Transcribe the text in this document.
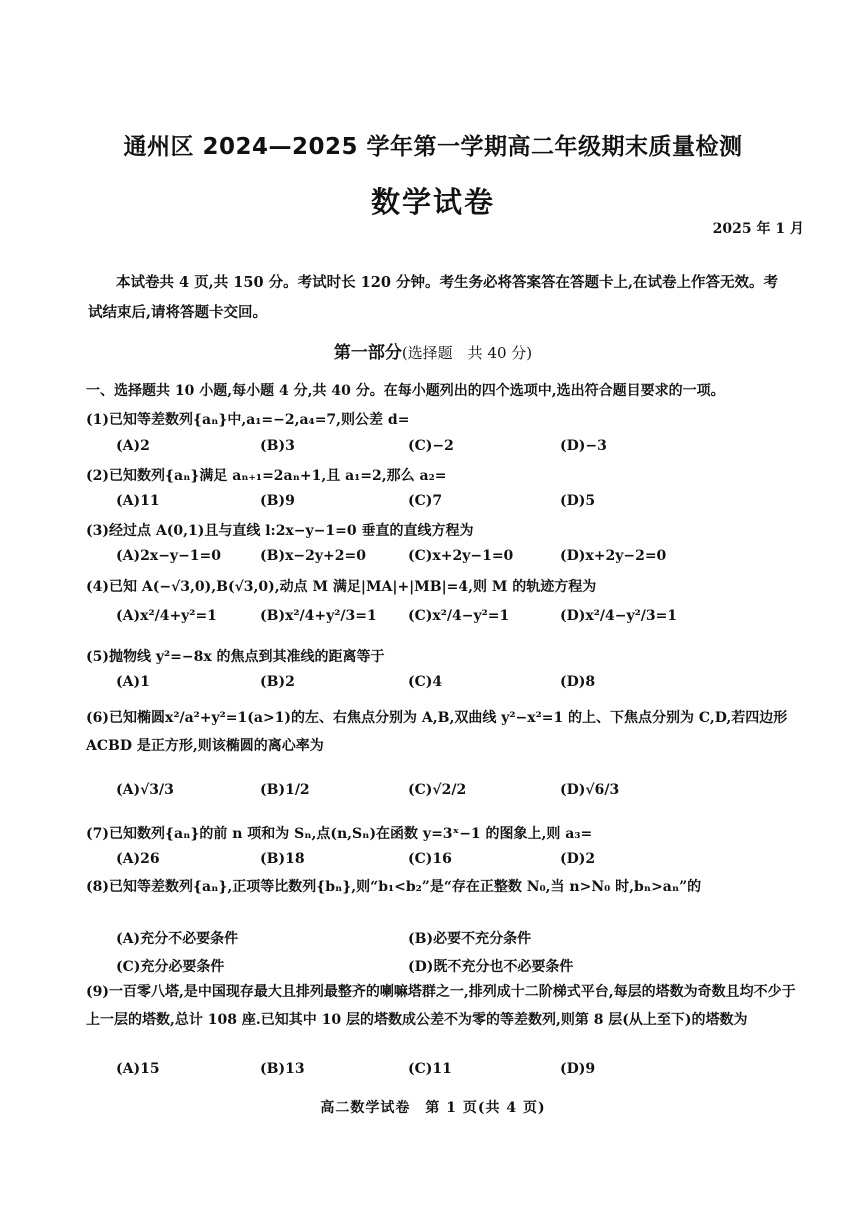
通州区 2024—2025 学年第一学期高二年级期末质量检测
数学试卷
2025 年 1 月
本试卷共 4 页,共 150 分。考试时长 120 分钟。考生务必将答案答在答题卡上,在试卷上作答无效。考试结束后,请将答题卡交回。
第一部分(选择题　共 40 分)
一、选择题共 10 小题,每小题 4 分,共 40 分。在每小题列出的四个选项中,选出符合题目要求的一项。
(1)已知等差数列{aₙ}中,a₁=−2,a₄=7,则公差 d=
(A)2	(B)3	(C)−2	(D)−3
(2)已知数列{aₙ}满足 aₙ₊₁=2aₙ+1,且 a₁=2,那么 a₂=
(A)11	(B)9	(C)7	(D)5
(3)经过点 A(0,1)且与直线 l:2x−y−1=0 垂直的直线方程为
(A)2x−y−1=0	(B)x−2y+2=0	(C)x+2y−1=0	(D)x+2y−2=0
(4)已知 A(−√3,0),B(√3,0),动点 M 满足|MA|+|MB|=4,则 M 的轨迹方程为
(A)x²/4+y²=1	(B)x²/4+y²/3=1 (C)x²/4−y²=1	(D)x²/4−y²/3=1
(5)抛物线 y²=−8x 的焦点到其准线的距离等于
(A)1	(B)2	(C)4	(D)8
(6)已知椭圆x²/a²+y²=1(a>1)的左、右焦点分别为 A,B,双曲线 y²−x²=1 的上、下焦点分别为 C,D,若四边形 ACBD 是正方形,则该椭圆的离心率为
(A)√3/3	(B)1/2	(C)√2/2	(D)√6/3
(7)已知数列{aₙ}的前 n 项和为 Sₙ,点(n,Sₙ)在函数 y=3ˣ−1 的图象上,则 a₃=
(A)26	(B)18	(C)16	(D)2
(8)已知等差数列{aₙ},正项等比数列{bₙ},则“b₁<b₂”是“存在正整数 N₀,当 n>N₀ 时,bₙ>aₙ”的
(A)充分不必要条件	(B)必要不充分条件
(C)充分必要条件	(D)既不充分也不必要条件
(9)一百零八塔,是中国现存最大且排列最整齐的喇嘛塔群之一,排列成十二阶梯式平台,每层的塔数为奇数且均不少于上一层的塔数,总计 108 座.已知其中 10 层的塔数成公差不为零的等差数列,则第 8 层(从上至下)的塔数为
(A)15	(B)13	(C)11	(D)9
高二数学试卷　第 1 页(共 4 页)
